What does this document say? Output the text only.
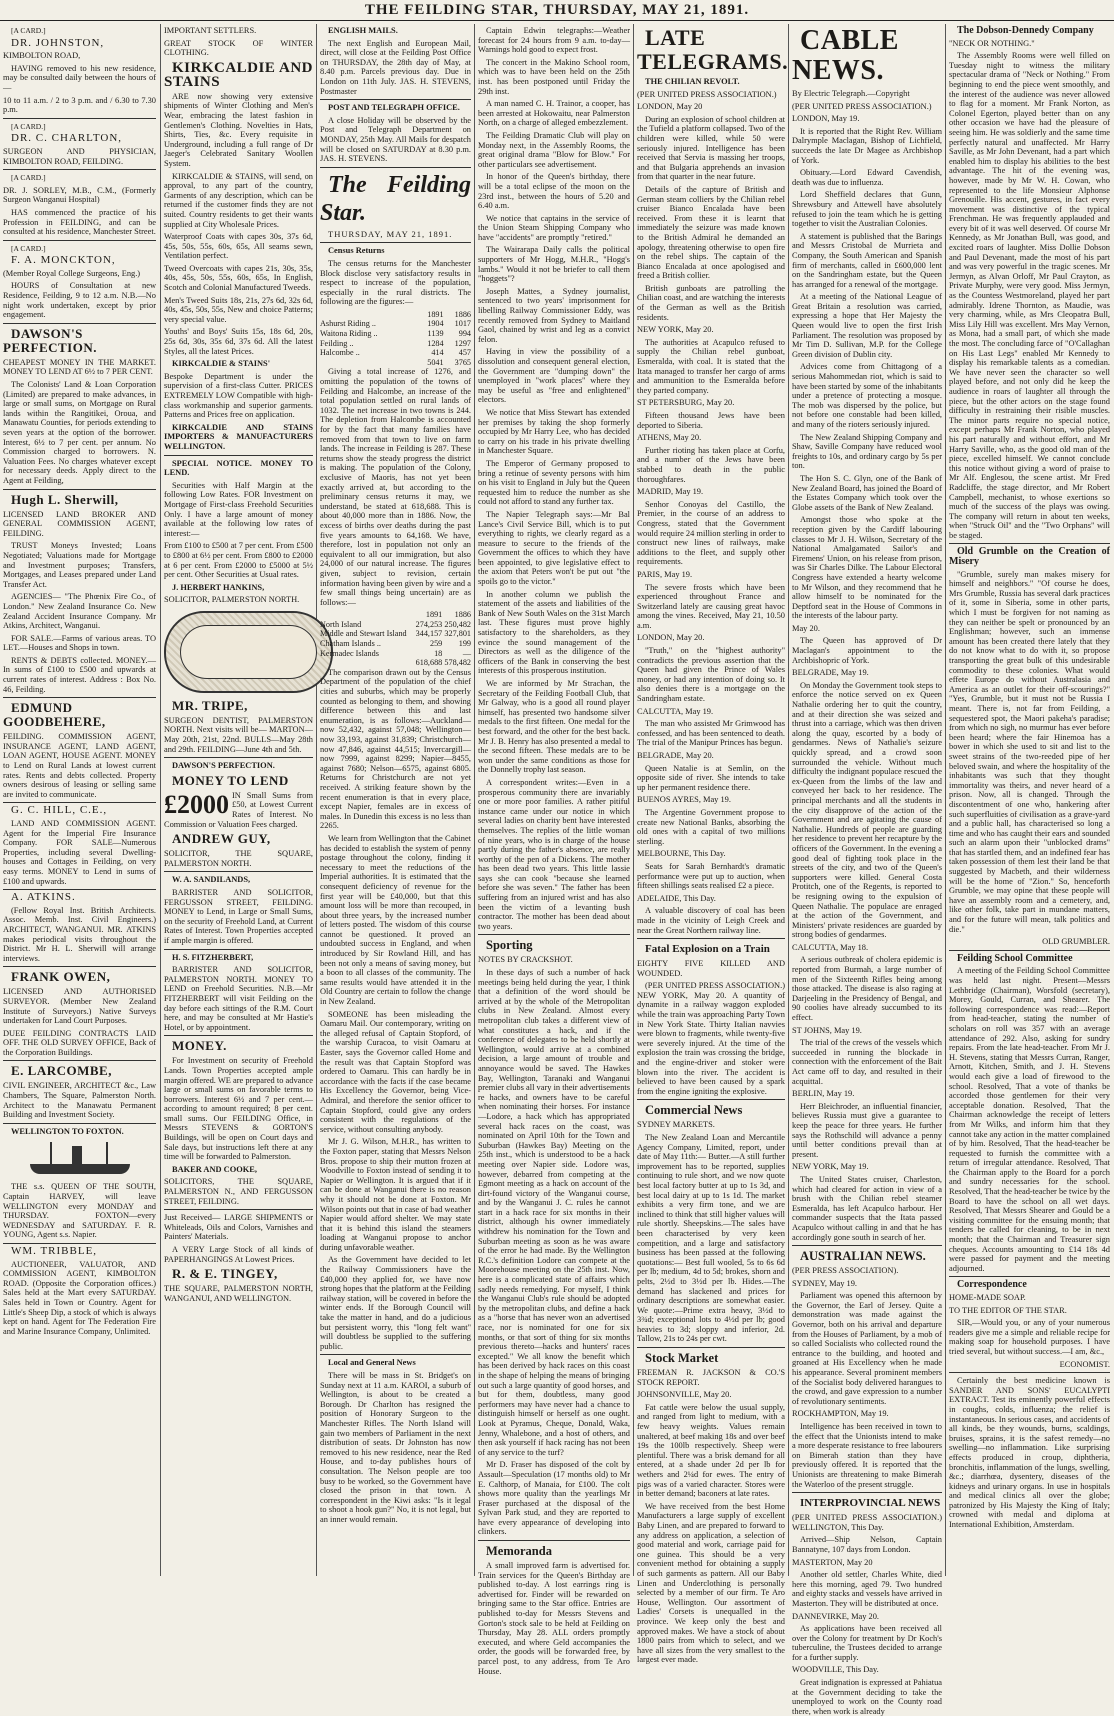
THE FEILDING STAR, THURSDAY, MAY 21, 1891.

[A CARD.]

DR. JOHNSTON,

KIMBOLTON ROAD,

HAVING removed to his new residence, may be consulted daily between the hours of—

10 to 11 a.m. / 2 to 3 p.m. and / 6.30 to 7.30 p.m.

[A CARD.]

DR. C. CHARLTON,

SURGEON AND PHYSICIAN, KIMBOLTON ROAD, FEILDING.

[A CARD.]

DR. J. SORLEY, M.B., C.M., (Formerly Surgeon Wanganui Hospital)

HAS commenced the practice of his Profession in FEILDING, and can be consulted at his residence, Manchester Street.

[A CARD.]

F. A. MONCKTON,

(Member Royal College Surgeons, Eng.)

HOURS of Consultation at new Residence, Feilding, 9 to 12 a.m. N.B.—No night work undertaken, except by prior engagement.

DAWSON'S PERFECTION.

CHEAPEST MONEY IN THE MARKET. MONEY TO LEND AT 6½ to 7 PER CENT.

The Colonists' Land & Loan Corporation (Limited) are prepared to make advances, in large or small sums, on Mortgage on Rural lands within the Rangitikei, Oroua, and Manawatu Counties, for periods extending to seven years at the option of the borrower. Interest, 6½ to 7 per cent. per annum. No Commission charged to borrowers. N. Valuation Fees. No charges whatever except for necessary deeds. Apply direct to the Agent at Feilding,

Hugh L. Sherwill,

LICENSED LAND BROKER AND GENERAL COMMISSION AGENT, FEILDING.

TRUST Moneys Invested; Loans Negotiated; Valuations made for Mortgage and Investment purposes; Transfers, Mortgages, and Leases prepared under Land Transfer Act.

AGENCIES— "The Phœnix Fire Co., of London." New Zealand Insurance Co. New Zealand Accident Insurance Company. Mr Atkins, Architect, Wanganui.

FOR SALE.—Farms of various areas. TO LET.—Houses and Shops in town.

RENTS & DEBTS collected. MONEY.—In sums of £100 to £500 and upwards at current rates of interest. Address : Box No. 46, Feilding.

EDMUND GOODBEHERE,

FEILDING. COMMISSION AGENT, INSURANCE AGENT, LAND AGENT, LOAN AGENT, HOUSE AGENT. MONEY to Lend on Rural Lands at lowest current rates. Rents and debts collected. Property owners desirous of leasing or selling same are invited to communicate.

G. C. HILL, C.E.,

LAND AND COMMISSION AGENT. Agent for the Imperial Fire Insurance Company. FOR SALE—Numerous Properties, including several Dwelling-houses and Cottages in Feilding, on very easy terms. MONEY to Lend in sums of £100 and upwards.

A. ATKINS.

(Fellow Royal Inst. British Architects. Assoc. Memb. Inst. Civil Engineers.) ARCHITECT, WANGANUI. MR. ATKINS makes periodical visits throughout the District. Mr H. L. Sherwill will arrange interviews.

FRANK OWEN,

LICENSED AND AUTHORISED SURVEYOR. (Member New Zealand Institute of Surveyors.) Native Surveys undertaken for Land Court Purposes.

DUEE FEILDING CONTRACTS LAID OFF. THE OLD SURVEY OFFICE, Back of the Corporation Buildings.

E. LARCOMBE,

CIVIL ENGINEER, ARCHITECT &c., Law Chambers, The Square, Palmerston North. Architect to the Manawatu Permanent Building and Investment Society.

WELLINGTON TO FOXTON.

THE s.s. QUEEN OF THE SOUTH, Captain HARVEY, will leave WELLINGTON every MONDAY and THURSDAY. FOXTON—every WEDNESDAY and SATURDAY. F. R. YOUNG, Agent s.s. Napier.

WM. TRIBBLE,

AUCTIONEER, VALUATOR, AND COMMISSION AGENT, KIMBOLTON ROAD. (Opposite the Corporation offices.) Sales held at the Mart every SATURDAY. Sales held in Town or Country. Agent for Little's Sheep Dip, a stock of which is always kept on hand. Agent for The Federation Fire and Marine Insurance Company, Unlimited.

IMPORTANT SETTLERS.

GREAT STOCK OF WINTER CLOTHING.

KIRKCALDIE AND STAINS

ARE now showing very extensive shipments of Winter Clothing and Men's Wear, embracing the latest fashion in Gentlemen's Clothing. Novelties in Hats, Shirts, Ties, &c. Every requisite in Underground, including a full range of Dr Jaeger's Celebrated Sanitary Woollen System.

KIRKCALDIE & STAINS, will send, on approval, to any part of the country, Garments of any description, which can be returned if the customer finds they are not suited. Country residents to get their wants supplied at City Wholesale Prices.

Waterproof Coats with capes 30s, 37s 6d, 45s, 50s, 55s, 60s, 65s, All seams sewn, Ventilation perfect.

Tweed Overcoats with capes 21s, 30s, 35s, 40s, 45s, 50s, 55s, 60s, 65s, In English, Scotch and Colonial Manufactured Tweeds.

Men's Tweed Suits 18s, 21s, 27s 6d, 32s 6d, 40s, 45s, 50s, 55s, New and choice Patterns; very special value.

Youths' and Boys' Suits 15s, 18s 6d, 20s, 25s 6d, 30s, 35s 6d, 37s 6d. All the latest Styles, all the latest Prices.

KIRKCALDIE & STAINS'

Bespoke Department is under the supervision of a first-class Cutter. PRICES EXTREMELY LOW Compatible with high-class workmanship and superior garments. Patterns and Prices free on application.

KIRKCALDIE AND STAINS IMPORTERS & MANUFACTURERS WELLINGTON.

SPECIAL NOTICE. MONEY TO LEND.

Securities with Half Margin at the following Low Rates. FOR Investment on Mortgage of First-class Freehold Securities Only. I have a large amount of money available at the following low rates of interest:—

From £100 to £500 at 7 per cent. From £500 to £800 at 6½ per cent. From £800 to £2000 at 6 per cent. From £2000 to £5000 at 5½ per cent. Other Securities at Usual rates.

J. HERBERT HANKINS,

SOLICITOR, PALMERSTON NORTH.

MR. TRIPE,

SURGEON DENTIST, PALMERSTON NORTH. Next visits will be— MARTON—May 20th, 21st, 22nd. BULLS—May 28th and 29th. FEILDING—June 4th and 5th.

DAWSON'S PERFECTION.

MONEY TO LEND

£2000 IN Small Sums from £50, at Lowest Current Rates of Interest. No Commission or Valuation Fees charged.

ANDREW GUY,

SOLICITOR, THE SQUARE, PALMERSTON NORTH.

W. A. SANDILANDS,

BARRISTER AND SOLICITOR, FERGUSSON STREET, FEILDING. MONEY to Lend, in Large or Small Sums, on the security of Freehold Land, at Current Rates of Interest. Town Properties accepted if ample margin is offered.

H. S. FITZHERBERT,

BARRISTER AND SOLICITOR, PALMERSTON NORTH. MONEY TO LEND on Freehold Securities. N.B.—Mr FITZHERBERT will visit Feilding on the day before each sittings of the R.M. Court here, and may be consulted at Mr Hastie's Hotel, or by appointment.

MONEY.

For Investment on security of Freehold Lands. Town Properties accepted ample margin offered. WE are prepared to advance large or small sums on favorable terms to borrowers. Interest 6½ and 7 per cent.—according to amount required; 8 per cent. small sums. Our FEILDING Office, in Messrs STEVENS & GORTON'S Buildings, will be open on Court days and Sale days, but instructions left there at any time will be forwarded to Palmerston.

BAKER AND COOKE,

SOLICITORS, THE SQUARE, PALMERSTON N., AND FERGUSSON STREET, FEILDING.

Just Received— LARGE SHIPMENTS or Whiteleads, Oils and Colors, Varnishes and Painters' Materials.

A VERY Large Stock of all kinds of PAPERHANGINGS At Lowest Prices.

R. & E. TINGEY,

THE SQUARE, PALMERSTON NORTH, WANGANUI, AND WELLINGTON.

ENGLISH MAILS.

The next English and European Mail, direct, will close at the Feilding Post Office on THURSDAY, the 28th day of May, at 8.40 p.m. Parcels previous day. Due in London on 11th July. JAS. H. STEVENS, Postmaster

POST AND TELEGRAPH OFFICE.

A close Holiday will be observed by the Post and Telegraph Department on MONDAY, 25th May. All Mails for despatch will be closed on SATURDAY at 8.30 p.m. JAS. H. STEVENS.

The Feilding Star.

THURSDAY, MAY 21, 1891.

Census Returns

The census returns for the Manchester Block disclose very satisfactory results in respect to increase of the population, especially in the rural districts. The following are the figures:—

	1891	1886
Ashurst Riding ..	1904	1017
Waitona Riding ..	1139	994
Feilding ..	1284	1297
Halcombe ..	414	457
	5041	3765

Giving a total increase of 1276, and omitting the population of the towns of Feilding and Halcombe, an increase of the total population settled on rural lands of 1032. The net increase in two towns is 244. The depletion from Halcombe is accounted for by the fact that many families have removed from that town to live on farm lands. The increase in Feilding is 287. These returns show the steady progress the district is making. The population of the Colony, exclusive of Maoris, has not yet been exactly arrived at, but according to the preliminary census returns it may, we understand, be stated at 618,688. This is about 40,000 more than in 1886. Now, the excess of births over deaths during the past five years amounts to 64,168. We have, therefore, lost in population not only an equivalent to all our immigration, but also 24,000 of our natural increase. The figures given, subject to revision, certain information having been given by wire and a few small things being uncertain) are as follows:—

	1891	1886
North Island	274,253	250,482
Middle and Stewart Island	344,157	327,801
Chatham Islands ..	259	199
Kermadec Islands	18	—
	618,688	578,482

The comparison drawn out by the Census Department of the population of the chief cities and suburbs, which may be properly counted as belonging to them, and showing difference between this and last enumeration, is as follows:—Auckland—now 52,432, against 57,048; Wellington—now 33,193, against 31,839; Christchurch—now 47,846, against 44,515; Invercargill—now 7999, against 8299; Napier—8455, against 7680; Nelson—6575, against 6805. Returns for Christchurch are not yet received. A striking feature shown by the recent enumeration is that in every place, except Napier, females are in excess of males. In Dunedin this excess is no less than 2265.

We learn from Wellington that the Cabinet has decided to establish the system of penny postage throughout the colony, finding it necessary to meet the reductions of the Imperial authorities. It is estimated that the consequent deficiency of revenue for the first year will be £40,000, but that this amount loss will be more than recouped, in about three years, by the increased number of letters posted. The wisdom of this course cannot be questioned. It proved an undoubted success in England, and when introduced by Sir Rowland Hill, and has been not only a means of saving money, but a boon to all classes of the community. The same results would have attended it in the Old Country are certain to follow the change in New Zealand.

SOMEONE has been misleading the Oamaru Mail. Our contemporary, writing on the alleged refusal of Captain Stopford, of the warship Curacoa, to visit Oamaru at Easter, says the Governor called Home and the result was that Captain Stopford was ordered to Oamaru. This can hardly be in accordance with the facts if the case became His Excellency the Governor, being Vice-Admiral, and therefore the senior officer to Captain Stopford, could give any orders consistent with the regulations of the service, without consulting anybody.

Mr J. G. Wilson, M.H.R., has written to the Foxton paper, stating that Messrs Nelson Bros. propose to ship their mutton frozen at Woodville to Foxton instead of sending it to Napier or Wellington. It is argued that if it can be done at Wanganui there is no reason why it should not be done at Foxton. Mr Wilson points out that in case of bad weather Napier would afford shelter. We may state that it is behind this island the steamers loading at Wanganui propose to anchor during unfavorable weather.

As the Government have decided to let the Railway Commissioners have the £40,000 they applied for, we have now strong hopes that the platform at the Feilding railway station, will be covered in before the winter ends. If the Borough Council will take the matter in hand, and do a judicious but persistent worry, this "long felt want" will doubtless be supplied to the suffering public.

Local and General News

There will be mass in St. Bridget's on Sunday next at 11 a.m. KAROI, a suburb of Wellington, is about to be created a Borough. Dr Charlton has resigned the position of Honorary Surgeon to the Manchester Rifles. The North Island will gain two members of Parliament in the next distribution of seats. Dr Johnston has now removed to his new residence, near the Red House, and to-day publishes hours of consultation. The Nelson people are too busy to be worked, so the Government have closed the prison in that town. A correspondent in the Kiwi asks: "Is it legal to shoot a hook gun?" No, it is not legal, but an inner would remain.

Captain Edwin telegraphs:—Weather forecast for 24 hours from 9 a.m. to-day— Warnings hold good to expect frost.

The concert in the Makino School room, which was to have been held on the 25th inst. has been postponed until Friday the 29th inst.

A man named C. H. Trainor, a cooper, has been arrested at Hokowaitu, near Palmerston North, on a charge of alleged embezzlement.

The Feilding Dramatic Club will play on Monday next, in the Assembly Rooms, the great original drama "Blow for Blow." For other particulars see advertisement.

In honor of the Queen's birthday, there will be a total eclipse of the moon on the 23rd inst., between the hours of 5.20 and 6.40 a.m.

We notice that captains in the service of the Union Steam Shipping Company who have "accidents" are promptly "retired."

The Wairarapa Daily calls the political supporters of Mr Hogg, M.H.R., "Hogg's lambs." Would it not be briefer to call them "hoggets"?

Joseph Mattes, a Sydney journalist, sentenced to two years' imprisonment for libelling Railway Commissioner Eddy, was recently removed from Sydney to Maitland Gaol, chained by wrist and leg as a convict felon.

Having in view the possibility of a dissolution and consequent general election, the Government are "dumping down" the unemployed in "work places" where they may be useful as "free and enlightened" electors.

We notice that Miss Stewart has extended her premises by taking the shop formerly occupied by Mr Harry Lee, who has decided to carry on his trade in his private dwelling in Manchester Square.

The Emperor of Germany proposed to bring a retinue of seventy persons with him on his visit to England in July but the Queen requested him to reduce the number as she could not afford to stand any further tax.

The Napier Telegraph says:—Mr Bal Lance's Civil Service Bill, which is to put everything to rights, we clearly regard as a measure to secure to the friends of the Government the offices to which they have been appointed, to give legislative effect to the axiom that Peters won't be put out "the spoils go to the victor."

In another column we publish the statement of the assets and liabilities of the Bank of New South Wales on the 31st March last. These figures must prove highly satisfactory to the shareholders, as they evince the sound management of the Directors as well as the diligence of the officers of the Bank in conserving the best interests of this prosperous institution.

We are informed by Mr Strachan, the Secretary of the Feilding Football Club, that Mr Galway, who is a good all round player himself, has presented two handsome silver medals to the first fifteen. One medal for the best forward, and the other for the best back. Mr J. B. Henry has also presented a medal to the second fifteen. These medals are to be won under the same conditions as those for the Donnelly trophy last season.

A correspondent writes:—Even in a prosperous community there are invariably one or more poor families. A rather pitiful instance came under our notice in which several ladies on charity bent have interested themselves. The replies of the little woman of nine years, who is in charge of the house partly during the father's absence, are really worthy of the pen of a Dickens. The mother has been dead two years. This little lassie says she can cook "because she learned before she was seven." The father has been suffering from an injured wrist and has also been the victim of a levanting bush contractor. The mother has been dead about two years.

Sporting

NOTES BY CRACKSHOT.

In these days of such a number of hack meetings being held during the year, I think that a definition of the word should be arrived at by the whole of the Metropolitan clubs in New Zealand. Almost every metropolitan club takes a different view of what constitutes a hack, and if the conference of delegates to be held shortly at Wellington, would arrive at a combined decision, a large amount of trouble and annoyance would be saved. The Hawkes Bay, Wellington, Taranaki and Wanganui premier clubs all vary in their advertisements re hacks, and owners have to be careful when nominating their horses. For instance—Lodore, a hack which has appropriated several hack races on the coast, was nominated on April 10th for the Town and Suburban (Hawkes Bay) Meeting on the 25th inst., which is understood to be a hack meeting over Napier side. Lodore was, however, debarred from competing at the Egmont meeting as a hack on account of the dirt-found victory of the Wanganui course, and by the Wanganui J. C. rules he cannot start in a hack race for six months in their district, although his owner immediately withdrew his nomination for the Town and Suburban meeting as soon as he was aware of the error he had made. By the Wellington R.C.'s definition Lodore can compete at the Moorehouse meeting on the 25th inst. Now, here is a complicated state of affairs which sadly needs remedying. For myself, I think the Wanganui Club's rule should be adopted by the metropolitan clubs, and define a hack as a "horse that has never won an advertised race, nor is nominated for one for six months, or that sort of thing for six months previous thereto—hacks and hunters' races excepted." We all know the benefit which has been derived by hack races on this coast in the shape of helping the means of bringing out such a large quantity of good horses, and but for them, doubtless, many good performers may have never had a chance to distinguish himself or herself as one ought. Look at Pyramus, Cheque, Donald, Waka, Jenny, Whalebone, and a host of others, and then ask yourself if hack racing has not been of any service to the turf?

Mr D. Fraser has disposed of the colt by Assault—Speculation (17 months old) to Mr E. Calthorp, of Manaia, for £100. The colt shows more quality than the yearlings Mr Fraser purchased at the disposal of the Sylvan Park stud, and they are reported to have every appearance of developing into clinkers.

Memoranda

A small improved farm is advertised for. Train services for the Queen's Birthday are published to-day. A lost earrings ring is advertised for. Finder will be rewarded on bringing same to the Star office. Entries are published to-day for Messrs Stevens and Gorton's stock sale to be held at Feilding on Thursday, May 28. ALL orders promptly executed, and where Geld accompanies the order, the goods will be forwarded free, by parcel post, to any address, from Te Aro House.

LATE TELEGRAMS.

THE CHILIAN REVOLT.

(PER UNITED PRESS ASSOCIATION.)

LONDON, May 20

During an explosion of school children at the Tufield a platform collapsed. Two of the children were killed, while 50 were seriously injured. Intelligence has been received that Servia is massing her troops, and that Bulgaria apprehends an invasion from that quarter in the near future.

Details of the capture of British and German steam colliers by the Chilian rebel cruiser Bianco Encalada have been received. From these it is learnt that immediately the seizure was made known to the British Admiral he demanded an apology, threatening otherwise to open fire on the rebel ships. The captain of the Bianco Encalada at once apologised and freed a British collier.

British gunboats are patrolling the Chilian coast, and are watching the interests of the German as well as the British residents.

NEW YORK, May 20.

The authorities at Acapulco refused to supply the Chilian rebel gunboat, Esmeralda, with coal. It is stated that the Itata managed to transfer her cargo of arms and ammunition to the Esmeralda before they parted company.

ST PETERSBURG, May 20.

Fifteen thousand Jews have been deported to Siberia.

ATHENS, May 20.

Further rioting has taken place at Corfu, and a number of the Jews have been stabbed to death in the public thoroughfares.

MADRID, May 19.

Senhor Conoyas del Castillo, the Premier, in the course of an address to Congress, stated that the Government would require 24 million sterling in order to construct new lines of railways, make additions to the fleet, and supply other requirements.

PARIS, May 19.

The severe frosts which have been experienced throughout France and Switzerland lately are causing great havoc among the vines. Received, May 21, 10.50 a.m.

LONDON, May 20.

"Truth," on the "highest authority" contradicts the previous assertion that the Queen had given the Prince of Wales money, or had any intention of doing so. It also denies there is a mortgage on the Sandringham estate.

CALCUTTA, May 19.

The man who assisted Mr Grimwood has confessed, and has been sentenced to death. The trial of the Manipur Princes has begun.

BELGRADE, May 20.

Queen Natalie is at Semlin, on the opposite side of river. She intends to take up her permanent residence there.

BUENOS AYRES, May 19.

The Argentine Government propose to create new National Banks, absorbing the old ones with a capital of two millions sterling.

MELBOURNE, This Day.

Seats for Sarah Bernhardt's dramatic performance were put up to auction, when fifteen shillings seats realised £2 a piece.

ADELAIDE, This Day.

A valuable discovery of coal has been made in the vicinity of Leigh Creek and near the Great Northern railway line.

Fatal Explosion on a Train

EIGHTY FIVE KILLED AND WOUNDED.

(PER UNITED PRESS ASSOCIATION.) NEW YORK, May 20. A quantity of dynamite in a railway waggon exploded while the train was approaching Party Town in New York State. Thirty Italian navvies were blown to fragments, while twenty-five were severely injured. At the time of the explosion the train was crossing the bridge, and the engine-driver and stoker were blown into the river. The accident is believed to have been caused by a spark from the engine igniting the explosive.

Commercial News

SYDNEY MARKETS.

The New Zealand Loan and Mercantile Agency Company, Limited, report, under date of May 11th:— Butter.—A still further improvement has to be reported, supplies continuing to rule short, and we now quote best local factory butter at up to 1s 3d, and best local dairy at up to 1s 1d. The market exhibits a very firm tone, and we are inclined to think that still higher values will rule shortly. Sheepskins.—The sales have been characterised by very keen competition, and a large and satisfactory business has been passed at the following quotations:— Best full wooled, 5s to 6s 6d per lb; medium, 4d to 5d; brokes, shorn and pelts, 2½d to 3½d per lb. Hides.—The demand has slackened and prices for ordinary descriptions are somewhat easier. We quote:—Prime extra heavy, 3½d to 3¾d; exceptional lots to 4½d per lb; good heavies to 3d; sloppy and inferior, 2d. Tallow, 21s to 24s per cwt.

Stock Market

FREEMAN R. JACKSON & CO.'S STOCK REPORT.

JOHNSONVILLE, May 20.

Fat cattle were below the usual supply, and ranged from light to medium, with a few heavy weights. Values remain unaltered, at beef making 18s and over beef 19s the 100lb respectively. Sheep were plentiful. There was a brisk demand for all entered, at a shade under 2d per lb for wethers and 2¼d for ewes. The entry of pigs was of a varied character. Stores were in better demand; baconers at late rates.

We have received from the best Home Manufacturers a large supply of excellent Baby Linen, and are prepared to forward to any address on application, a selection of good material and work, carriage paid for one guinea. This should be a very convenient method for obtaining a supply of such garments as pattern. All our Baby Linen and Underclothing is personally selected by a member of our firm. Te Aro House, Wellington. Our assortment of Ladies' Corsets is unequalled in the province. We keep only the best and approved makes. We have a stock of about 1800 pairs from which to select, and we have all sizes from the very smallest to the largest ever made.

CABLE NEWS.

By Electric Telegraph.—Copyright

(PER UNITED PRESS ASSOCIATION.)

LONDON, May 19.

It is reported that the Right Rev. William Dalrymple Maclagan, Bishop of Lichfield, succeeds the late Dr Magee as Archbishop of York.

Obituary.—Lord Edward Cavendish, death was due to influenza.

Lord Sheffield declares that Gunn, Shrewsbury and Attewell have absolutely refused to join the team which he is getting together to visit the Australian Colonies.

A statement is published that the Barings and Messrs Cristobal de Murrieta and Company, the South American and Spanish firm of merchants, called in £600,000 lent on the Sandringham estate, but the Queen has arranged for a renewal of the mortgage.

At a meeting of the National League of Great Britain a resolution was carried, expressing a hope that Her Majesty the Queen would live to open the first Irish Parliament. The resolution was proposed by Mr Tim D. Sullivan, M.P. for the College Green division of Dublin city.

Advices come from Chittagong of a serious Mahommedan riot, which is said to have been started by some of the inhabitants under a pretence of protecting a mosque. The mob was dispersed by the police, but not before one constable had been killed, and many of the rioters seriously injured.

The New Zealand Shipping Company and Shaw, Saville Company have reduced wool freights to 10s, and ordinary cargo by 5s per ton.

The Hon S. C. Glyn, one of the Bank of New Zealand Board, has joined the Board of the Estates Company which took over the Globe assets of the Bank of New Zealand.

Amongst those who spoke at the reception given by the Cardiff labouring classes to Mr J. H. Wilson, Secretary of the National Amalgamated Sailor's and Firemens' Union, on his release from prison, was Sir Charles Dilke. The Labour Electoral Congress have extended a hearty welcome to Mr Wilson, and they recommend that he allow himself to be nominated for the Deptford seat in the House of Commons in the interests of the labour party.

May 20.

The Queen has approved of Dr Maclagan's appointment to the Archbishopric of York.

BELGRADE, May 19.

On Monday the Government took steps to enforce the notice served on ex Queen Nathalie ordering her to quit the country, and at their direction she was seized and thrust into a carriage, which was then driven along the quay, escorted by a body of gendarmes. News of Nathalie's seizure quickly spread, and a crowd soon surrounded the vehicle. Without much difficulty the indignant populace rescued the ex-Queen from the limbs of the law and conveyed her back to her residence. The principal merchants and all the students in the city disapprove of the action of the Government and are agitating the cause of Nathalie. Hundreds of people are guarding her residence to prevent her recapture by the officers of the Government. In the evening a good deal of fighting took place in the streets of the city, and two of the Queen's supporters were killed. General Costa Protitch, one of the Regents, is reported to be resigning owing to the expulsion of Queen Nathalie. The populace are enraged at the action of the Government, and Ministers' private residences are guarded by strong bodies of gendarmes.

CALCUTTA, May 18.

A serious outbreak of cholera epidemic is reported from Burmah, a large number of men of the Sixteenth Rifles being among those attacked. The disease is also raging at Darjeeling in the Presidency of Bengal, and 90 coolies have already succumbed to its effect.

ST JOHNS, May 19.

The trial of the crews of the vessels which succeeded in running the blockade in connection with the enforcement of the Bait Act came off to day, and resulted in their acquittal.

BERLIN, May 19.

Herr Bleichroder, an influential financier, believes Russia must give a guarantee to keep the peace for three years. He further says the Rothschild will advance a penny until better conditions prevail than at present.

NEW YORK, May 19.

The United States cruiser, Charleston, which had cleared for action in view of a brush with the Chilian rebel steamer Esmeralda, has left Acapulco harbour. Her commander suspects that the Itata passed Acapulco without calling in and that he has accordingly gone south in search of her.

AUSTRALIAN NEWS.

(PER PRESS ASSOCIATION).

SYDNEY, May 19.

Parliament was opened this afternoon by the Governor, the Earl of Jersey. Quite a demonstration was made against the Governor, both on his arrival and departure from the Houses of Parliament, by a mob of so called Socialists who collected round the entrance to the building, and hooted and groaned at His Excellency when he made his appearance. Several prominent members of the Socialist body delivered harangues to the crowd, and gave expression to a number of revolutionary sentiments.

ROCKHAMPTON, May 19.

Intelligence has been received in town to the effect that the Unionists intend to make a more desperate resistance to free labourers on Bimerah station than they have previously offered. It is reported that the Unionists are threatening to make Bimerah the Waterloo of the present struggle.

INTERPROVINCIAL NEWS

(PER UNITED PRESS ASSOCIATION.) WELLINGTON, This Day.

Arrived—Ship Nelson, Captain Bannatyne, 107 days from London.

MASTERTON, May 20

Another old settler, Charles White, died here this morning, aged 79. Two hundred and eighty stacks and vessels have arrived in Masterton. They will be distributed at once.

DANNEVIRKE, May 20.

As applications have been received all over the Colony for treatment by Dr Koch's tuberculine, the Trustees decided to arrange for a further supply.

WOODVILLE, This Day.

Great indignation is expressed at Pahiatua at the Government deciding to take the unemployed to work on the County road there, when work is already

The Dobson-Dennedy Company

"NECK OR NOTHING."

The Assembly Rooms were well filled on Tuesday night to witness the military spectacular drama of "Neck or Nothing." From beginning to end the piece went smoothly, and the interest of the audience was never allowed to flag for a moment. Mr Frank Norton, as Colonel Egerton, played better than on any other occasion we have had the pleasure of seeing him. He was soldierly and the same time perfectly natural and unaffected. Mr Harry Saville, as Mr John Devenant, had a part which enabled him to display his abilities to the best advantage. The hit of the evening was, however, made by Mr W. H. Cowan, who represented to the life Monsieur Alphonse Grenouille. His accent, gestures, in fact every movement was distinctive of the typical Frenchman. He was frequently applauded and every bit of it was well deserved. Of course Mr Kennedy, as Mr Jonathan Bull, was good, and excited roars of laughter. Miss Dollie Dobson and Paul Devenant, made the most of his part and was very powerful in the tragic scenes. Mr Jermyn, as Alvan Orloff, Mr Paul Crayton, as Private Murphy, were very good. Miss Jermyn, as the Countess Westmoreland, played her part admirably. Idrene Thornton, as Maudie, was very charming, while, as Mrs Cleopatra Bull, Miss Lily Hill was excellent. Mrs May Vernon, as Mona, had a small part, of which she made the most. The concluding farce of "O'Callaghan on His Last Legs" enabled Mr Kennedy to display his remarkable talents as a comedian. We have never seen the character so well played before, and not only did he keep the audience in roars of laughter all through the piece, but the other actors on the stage found difficulty in restraining their risible muscles. The minor parts require no special notice, except perhaps Mr Frank Norton, who played his part naturally and without effort, and Mr Harry Saville, who, as the good old man of the piece, excelled himself. We cannot conclude this notice without giving a word of praise to Mr Alf. Englesou, the scene artist. Mr Fred Radcliffe, the stage director, and Mr Robert Campbell, mechanist, to whose exertions so much of the success of the plays was owing. The company will return in about ten weeks, when "Struck Oil" and the "Two Orphans" will be staged.

Old Grumble on the Creation of Misery

"Grumble, surely man makes misery for himself and neighbors." "Of course he does, Mrs Grumble, Russia has several dark practices of it, some in Siberia, some in other parts, which I must be forgiven for not naming as they can neither be spelt or pronounced by an Englishman; however, such an immense amount has been created there lately that they do not know what to do with it, so propose transporting the great bulk of this undesirable commodity to these colonies. What would effete Europe do without Australasia and America as an outlet for their off-scourings?" "Yes, Grumble, but it must not be Russia I meant. There is, not far from Feilding, a sequestered spot, the Maori pakeha's paradise; from which no sigh, no murmur has ever before been heard; where the fair Hinemoa has a bower in which she used to sit and list to the sweet strains of the two-reeded pipe of her beloved swain, and where the hospitality of the inhabitants was such that they thought immortality was theirs, and never heard of a prison. Now, all is changed. Through the discontentment of one who, hankering after such superfluities of civilisation as a grave-yard and a public hall, has characterised so long a time and who has caught their ears and sounded such an alarm upon their "unblocked drams" that has startled them, and an indefined fear has taken possession of them lest their land be that suggested by Macbeth, and their wilderness will be the home of "Zion." So, henceforth Grumble, we may opine that these people will have an assembly room and a cemetery, and, like other folk, take part in mundane matters, and for the future will mean, talk politics and die."

OLD GRUMBLER.

Feilding School Committee

A meeting of the Feilding School Committee was held last night. Present—Messrs Lethbridge (Chairman), Worsfold (secretary), Morey, Gould, Curran, and Shearer. The following correspondence was read:—Report from head-teacher, stating the number of scholars on roll was 357 with an average attendance of 292. Also, asking for sundry repairs. From the late head-teacher. From Mr J. H. Stevens, stating that Messrs Curran, Ranger, Arnott, Kitchen, Smith, and J. H. Stevens would each give a load of firewood to the school. Resolved, That a vote of thanks be accorded those gentlemen for their very acceptable donation. Resolved, That the Chairman acknowledge the receipt of letters from Mr Wilks, and inform him that they cannot take any action in the matter complained of by him. Resolved, That the head-teacher be requested to furnish the committee with a return of irregular attendance. Resolved, That the Chairman apply to the Board for a porch and sundry necessaries for the school. Resolved, That the head-teacher be twice by the Board to have the school on all wet days. Resolved, That Messrs Shearer and Gould be a visiting committee for the ensuing month; that tenders be called for cleaning, to be in next month; that the Chairman and Treasurer sign cheques. Accounts amounting to £14 18s 4d were passed for payment and the meeting adjourned.

Correspondence

HOME-MADE SOAP.

TO THE EDITOR OF THE STAR.

SIR,—Would you, or any of your numerous readers give me a simple and reliable recipe for making soap for household purposes. I have tried several, but without success.—I am, &c.,

ECONOMIST.

Certainly the best medicine known is SANDER AND SONS' EUCALYPTI EXTRACT. Test its eminently powerful effects in coughs, colds, influenza; the relief is instantaneous. In serious cases, and accidents of all kinds, be they wounds, burns, scaldings, bruises, sprains, it is the safest remedy—no swelling—no inflammation. Like surprising effects produced in croup, diphtheria, bronchitis, inflammation of the lungs, swelling, &c.; diarrhœa, dysentery, diseases of the kidneys and urinary organs. In use in hospitals and medical clinics all over the globe; patronized by His Majesty the King of Italy; crowned with medal and diploma at International Exhibition, Amsterdam.
